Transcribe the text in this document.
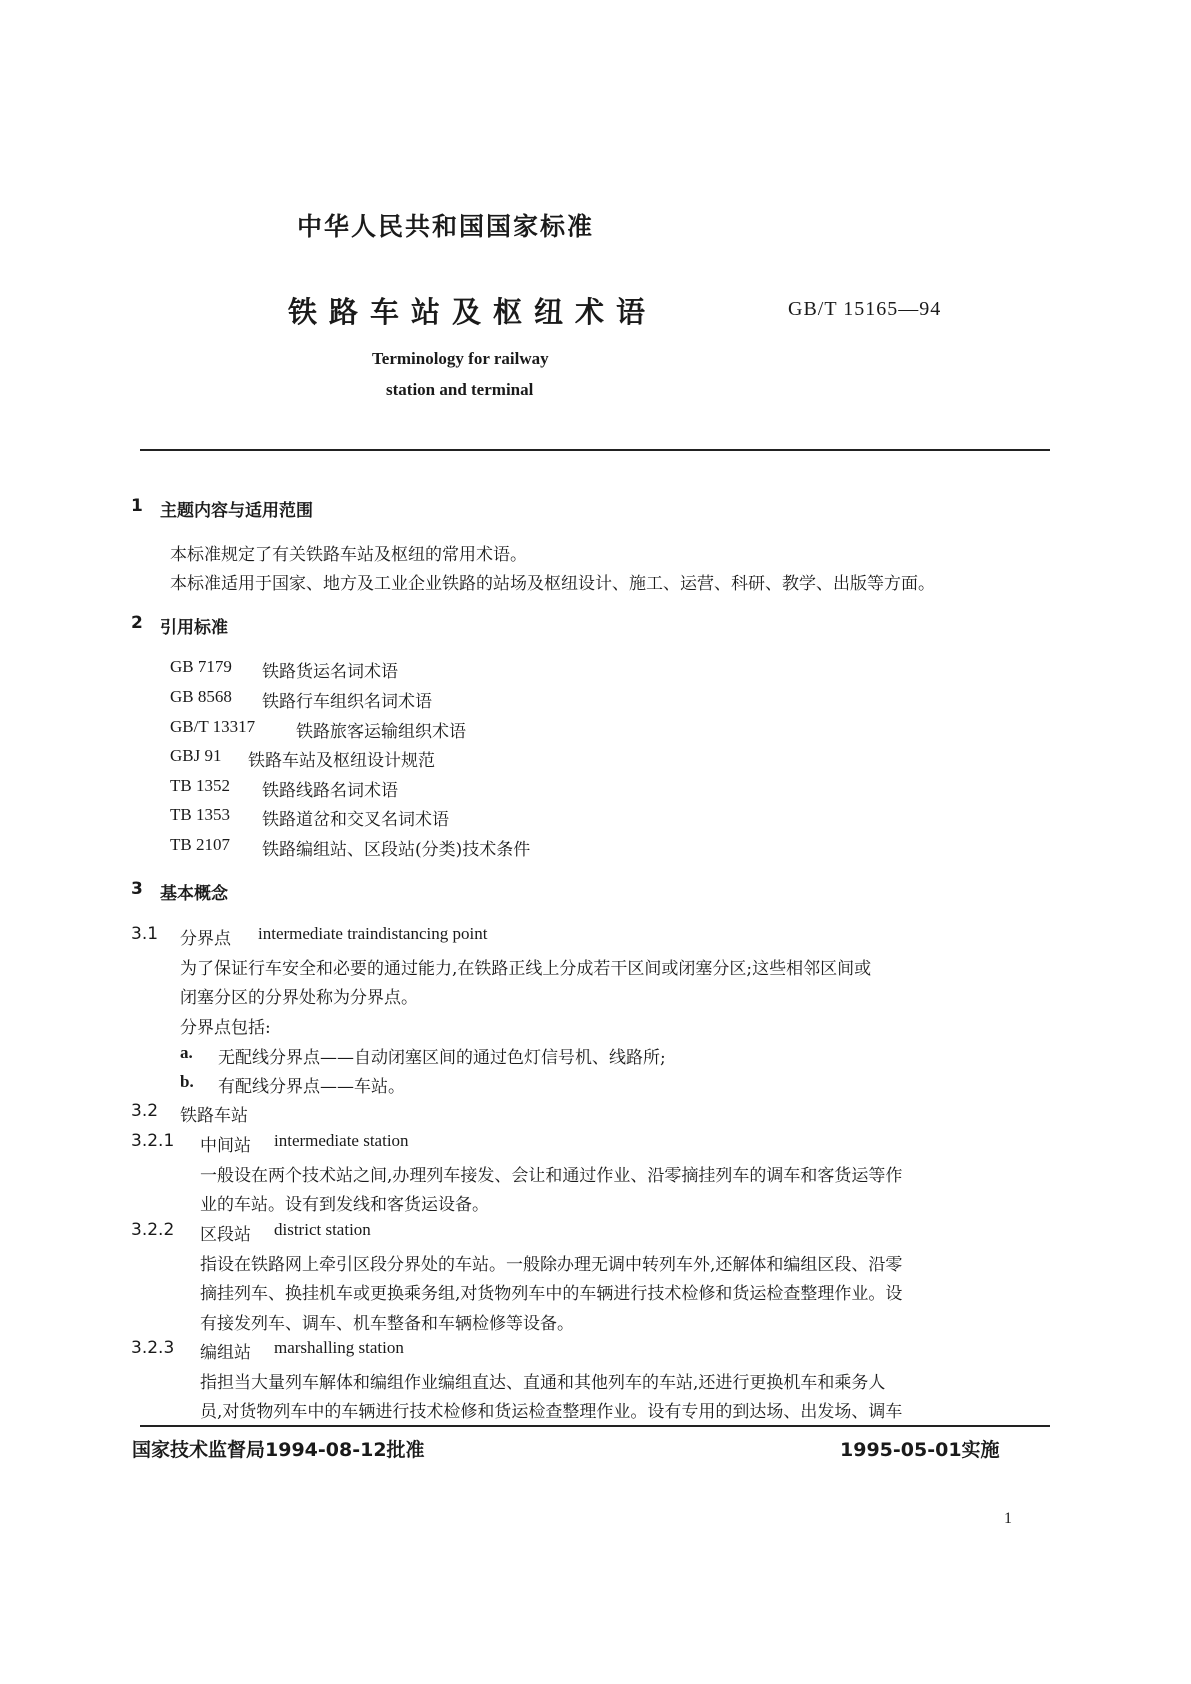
中华人民共和国国家标准
铁路车站及枢纽术语	GB/T 15165—94
Terminology for railway
station and terminal
1 主题内容与适用范围
本标准规定了有关铁路车站及枢纽的常用术语。
本标准适用于国家、地方及工业企业铁路的站场及枢纽设计、施工、运营、科研、教学、出版等方面。
2 引用标准
GB 7179 铁路货运名词术语
GB 8568 铁路行车组织名词术语
GB/T 13317 铁路旅客运输组织术语
GBJ 91 铁路车站及枢纽设计规范
TB 1352 铁路线路名词术语
TB 1353 铁路道岔和交叉名词术语
TB 2107 铁路编组站、区段站(分类)技术条件
3 基本概念
3.1 分界点 intermediate traindistancing point
为了保证行车安全和必要的通过能力,在铁路正线上分成若干区间或闭塞分区;这些相邻区间或
闭塞分区的分界处称为分界点。
分界点包括:
a. 无配线分界点——自动闭塞区间的通过色灯信号机、线路所;
b. 有配线分界点——车站。
3.2 铁路车站
3.2.1 中间站 intermediate station
一般设在两个技术站之间,办理列车接发、会让和通过作业、沿零摘挂列车的调车和客货运等作
业的车站。设有到发线和客货运设备。
3.2.2 区段站 district station
指设在铁路网上牵引区段分界处的车站。一般除办理无调中转列车外,还解体和编组区段、沿零
摘挂列车、换挂机车或更换乘务组,对货物列车中的车辆进行技术检修和货运检查整理作业。设
有接发列车、调车、机车整备和车辆检修等设备。
3.2.3 编组站 marshalling station
指担当大量列车解体和编组作业编组直达、直通和其他列车的车站,还进行更换机车和乘务人
员,对货物列车中的车辆进行技术检修和货运检查整理作业。设有专用的到达场、出发场、调车
国家技术监督局1994-08-12批准	1995-05-01实施
1
